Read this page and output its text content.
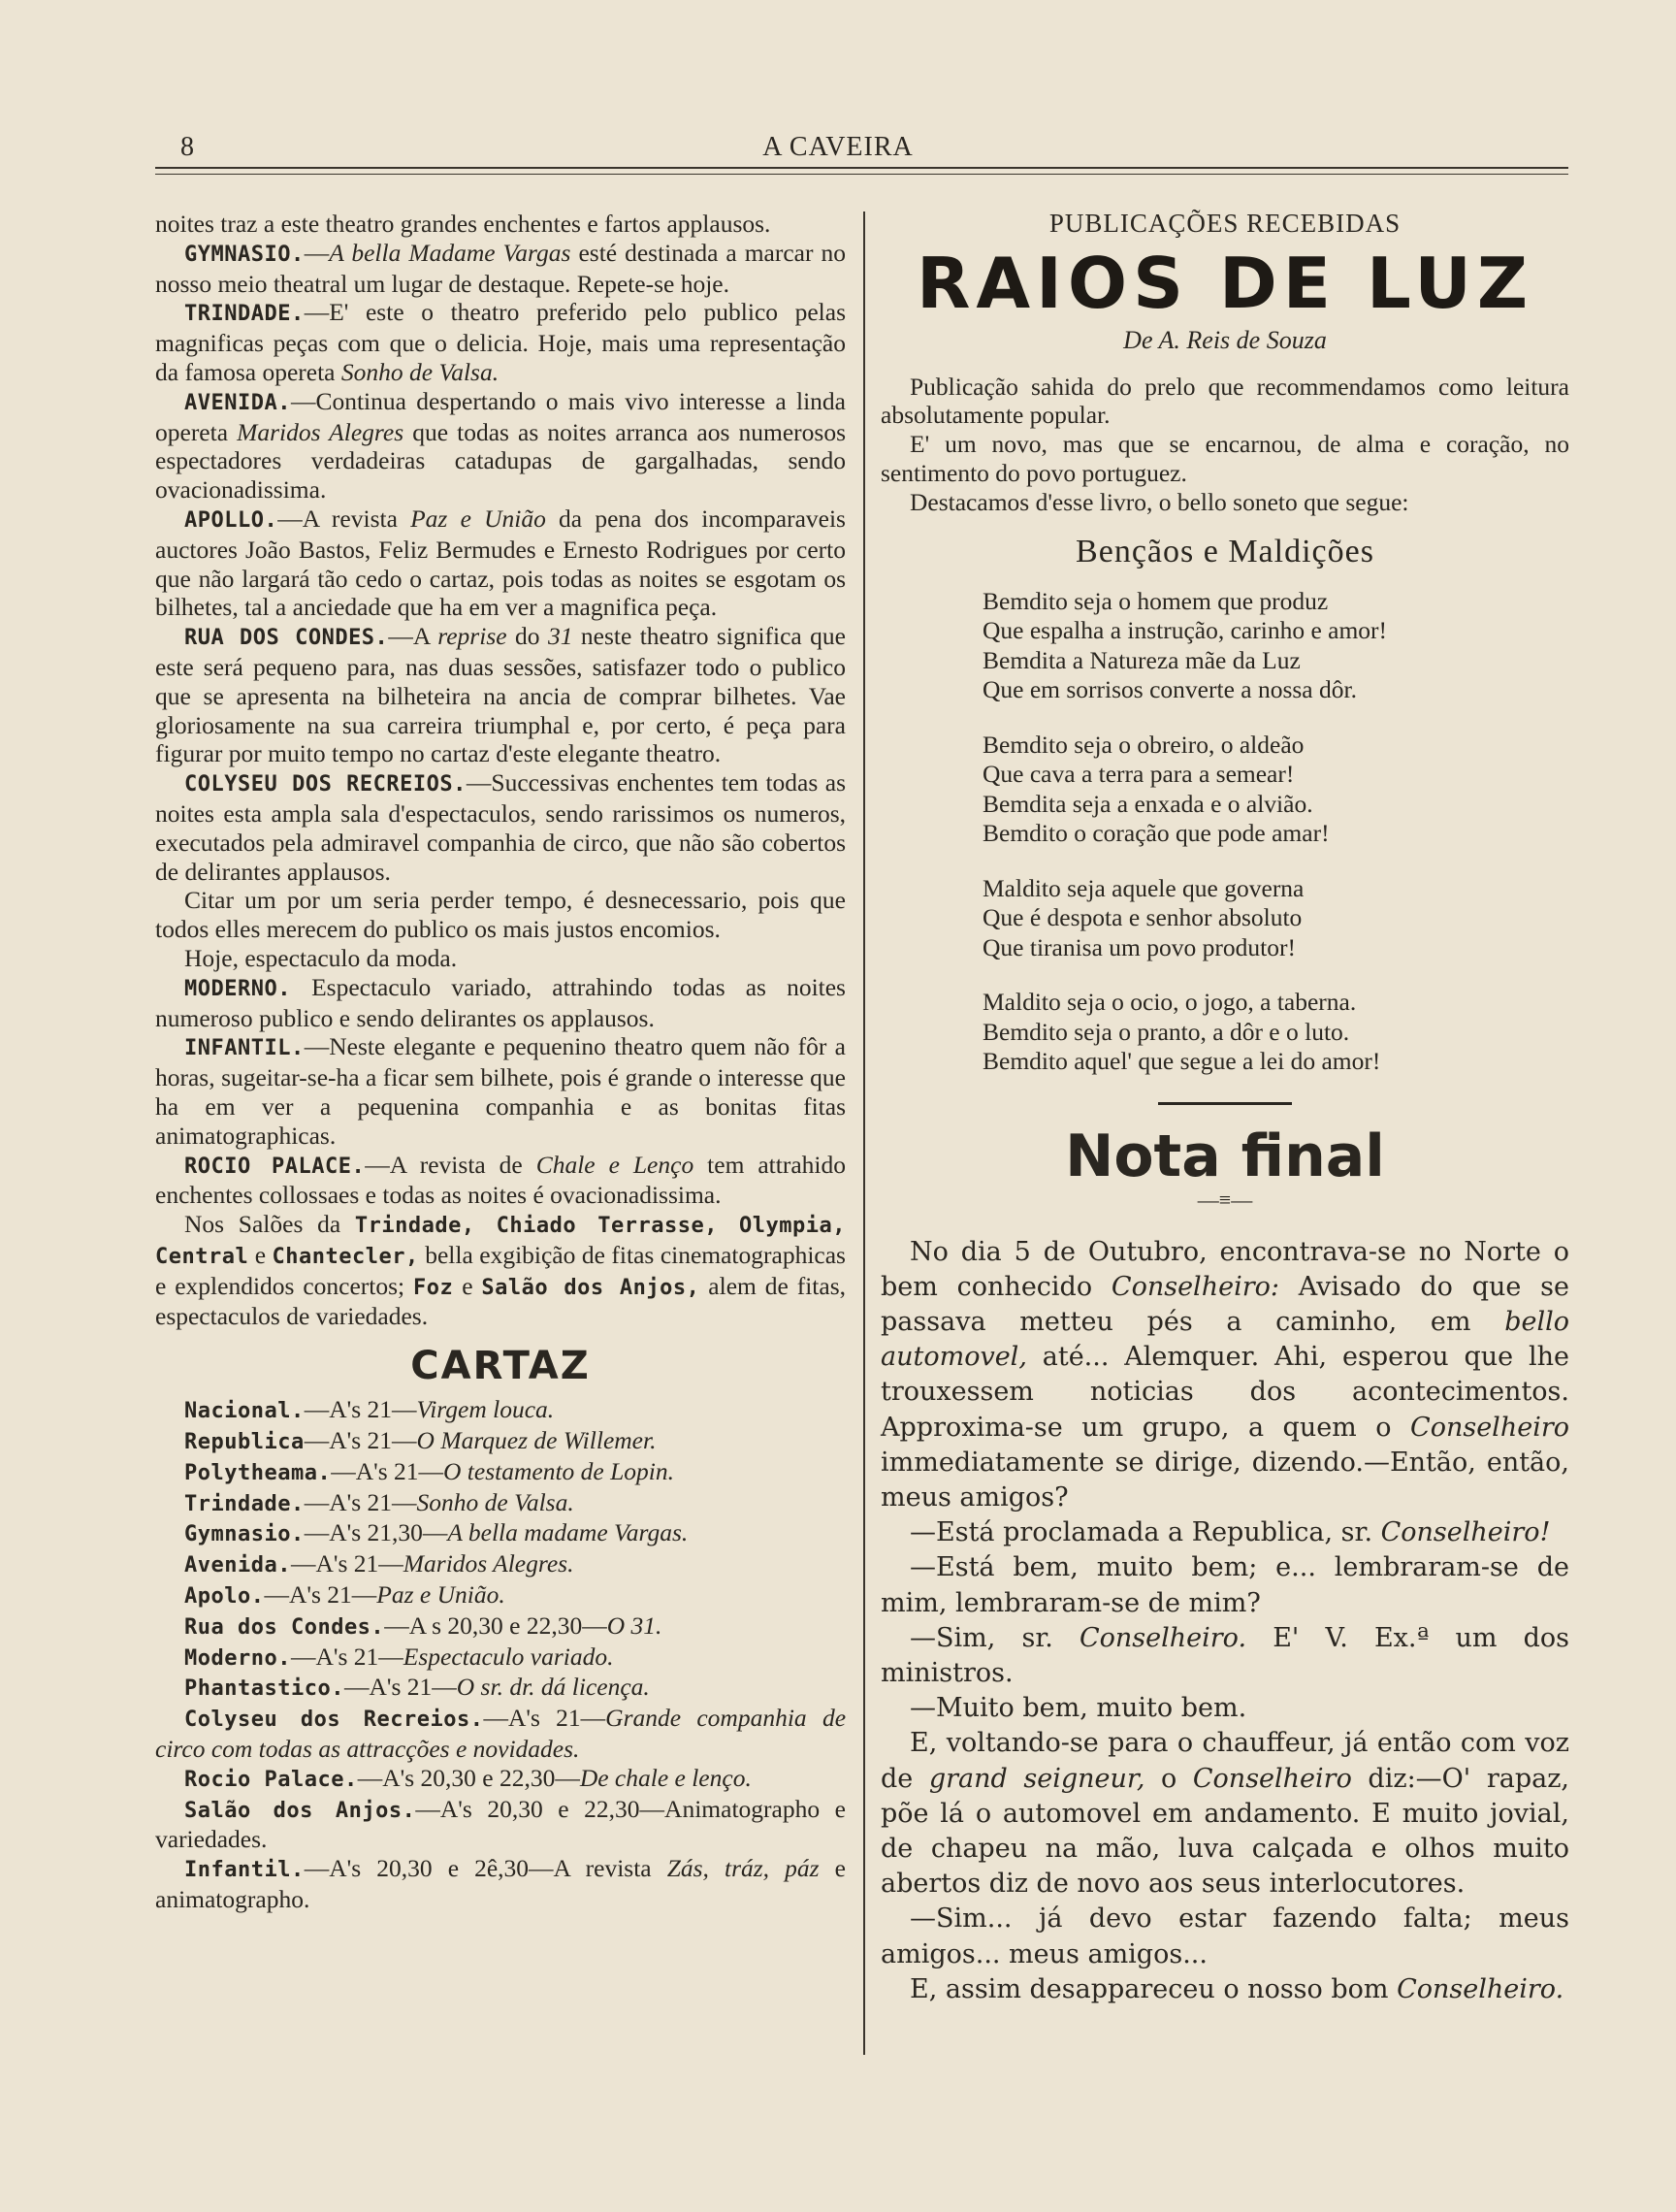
8	A CAVEIRA

noites traz a este theatro grandes enchentes e fartos applausos.

GYMNASIO.—A bella Madame Vargas esté destinada a marcar no nosso meio theatral um lugar de destaque. Repete-se hoje.

TRINDADE.—E' este o theatro preferido pelo publico pelas magnificas peças com que o delicia. Hoje, mais uma representação da famosa opereta Sonho de Valsa.

AVENIDA.—Continua despertando o mais vivo interesse a linda opereta Maridos Alegres que todas as noites arranca aos numerosos espectadores verdadeiras catadupas de gargalhadas, sendo ovacionadissima.

APOLLO.—A revista Paz e União da pena dos incomparaveis auctores João Bastos, Feliz Bermudes e Ernesto Rodrigues por certo que não largará tão cedo o cartaz, pois todas as noites se esgotam os bilhetes, tal a anciedade que ha em ver a magnifica peça.

RUA DOS CONDES.—A reprise do 31 neste theatro significa que este será pequeno para, nas duas sessões, satisfazer todo o publico que se apresenta na bilheteira na ancia de comprar bilhetes. Vae gloriosamente na sua carreira triumphal e, por certo, é peça para figurar por muito tempo no cartaz d'este elegante theatro.

COLYSEU DOS RECREIOS.—Successivas enchentes tem todas as noites esta ampla sala d'espectaculos, sendo rarissimos os numeros, executados pela admiravel companhia de circo, que não são cobertos de delirantes applausos.

Citar um por um seria perder tempo, é desnecessario, pois que todos elles merecem do publico os mais justos encomios.

Hoje, espectaculo da moda.

MODERNO. Espectaculo variado, attrahindo todas as noites numeroso publico e sendo delirantes os applausos.

INFANTIL.—Neste elegante e pequenino theatro quem não fôr a horas, sugeitar-se-ha a ficar sem bilhete, pois é grande o interesse que ha em ver a pequenina companhia e as bonitas fitas animatographicas.

ROCIO PALACE.—A revista de Chale e Lenço tem attrahido enchentes collossaes e todas as noites é ovacionadissima.

Nos Salões da Trindade, Chiado Terrasse, Olympia, Central e Chantecler, bella exgibição de fitas cinematographicas e explendidos concertos; Foz e Salão dos Anjos, alem de fitas, espectaculos de variedades.

CARTAZ

Nacional.—A's 21—Virgem louca.

Republica—A's 21—O Marquez de Willemer.

Polytheama.—A's 21—O testamento de Lopin.

Trindade.—A's 21—Sonho de Valsa.

Gymnasio.—A's 21,30—A bella madame Vargas.

Avenida.—A's 21—Maridos Alegres.

Apolo.—A's 21—Paz e União.

Rua dos Condes.—A s 20,30 e 22,30—O 31.

Moderno.—A's 21—Espectaculo variado.

Phantastico.—A's 21—O sr. dr. dá licença.

Colyseu dos Recreios.—A's 21—Grande companhia de circo com todas as attracções e novidades.

Rocio Palace.—A's 20,30 e 22,30—De chale e lenço.

Salão dos Anjos.—A's 20,30 e 22,30—Animatographo e variedades.

Infantil.—A's 20,30 e 2ê,30—A revista Zás, tráz, páz e animatographo.

PUBLICAÇÕES RECEBIDAS
RAIOS DE LUZ
De A. Reis de Souza

Publicação sahida do prelo que recommendamos como leitura absolutamente popular.

E' um novo, mas que se encarnou, de alma e coração, no sentimento do povo portuguez.

Destacamos d'esse livro, o bello soneto que segue:

Bençãos e Maldições
Bemdito seja o homem que produz
Que espalha a instrução, carinho e amor!
Bemdita a Natureza mãe da Luz
Que em sorrisos converte a nossa dôr.
Bemdito seja o obreiro, o aldeão
Que cava a terra para a semear!
Bemdita seja a enxada e o alvião.
Bemdito o coração que pode amar!
Maldito seja aquele que governa
Que é despota e senhor absoluto
Que tiranisa um povo produtor!
Maldito seja o ocio, o jogo, a taberna.
Bemdito seja o pranto, a dôr e o luto.
Bemdito aquel' que segue a lei do amor!
Nota final
—≡—

No dia 5 de Outubro, encontrava-se no Norte o bem conhecido Conselheiro: Avisado do que se passava metteu pés a caminho, em bello automovel, até... Alemquer. Ahi, esperou que lhe trouxessem noticias dos acontecimentos. Approxima-se um grupo, a quem o Conselheiro immediatamente se dirige, dizendo.—Então, então, meus amigos?

—Está proclamada a Republica, sr. Conselheiro!

—Está bem, muito bem; e... lembraram-se de mim, lembraram-se de mim?

—Sim, sr. Conselheiro. E' V. Ex.ª um dos ministros.

—Muito bem, muito bem.

E, voltando-se para o chauffeur, já então com voz de grand seigneur, o Conselheiro diz:—O' rapaz, põe lá o automovel em andamento. E muito jovial, de chapeu na mão, luva calçada e olhos muito abertos diz de novo aos seus interlocutores.

—Sim... já devo estar fazendo falta; meus amigos... meus amigos...

E, assim desappareceu o nosso bom Conselheiro.
